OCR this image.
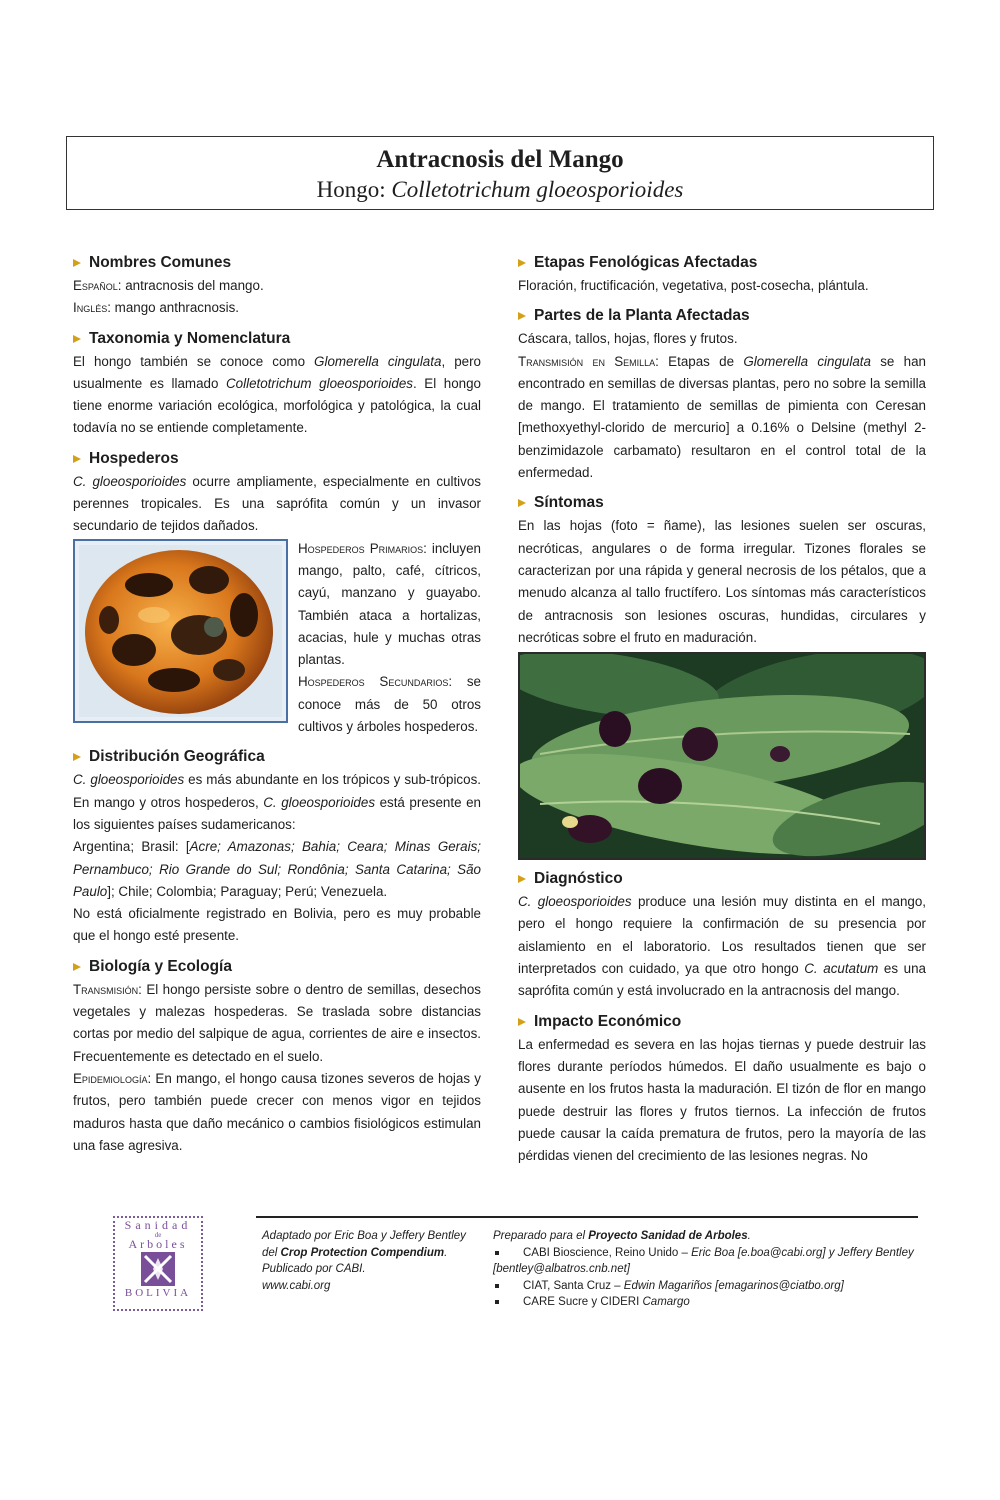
Antracnosis del Mango
Hongo: Colletotrichum gloeosporioides
Nombres Comunes

Español: antracnosis del mango.

Inglés: mango anthracnosis.

Taxonomia y Nomenclatura

El hongo también se conoce como Glomerella cingulata, pero usualmente es llamado Colletotrichum gloeosporioides. El hongo tiene enorme variación ecológica, morfológica y patológica, la cual todavía no se entiende completamente.

Hospederos

C. gloeosporioides ocurre ampliamente, especialmente en cultivos perennes tropicales. Es una saprófita común y un invasor secundario de tejidos dañados.

Hospederos Primarios: incluyen mango, palto, café, cítricos, cayú, manzano y guayabo. También ataca a hortalizas, acacias, hule y muchas otras plantas.

Hospederos Secundarios: se conoce más de 50 otros cultivos y árboles hospederos.

Distribución Geográfica

C. gloeosporioides es más abundante en los trópicos y sub-trópicos. En mango y otros hospederos, C. gloeosporioides está presente en los siguientes países sudamericanos:

Argentina; Brasil: [Acre; Amazonas; Bahia; Ceara; Minas Gerais; Pernambuco; Rio Grande do Sul; Rondônia; Santa Catarina; São Paulo]; Chile; Colombia; Paraguay; Perú; Venezuela.

No está oficialmente registrado en Bolivia, pero es muy probable que el hongo esté presente.

Biología y Ecología

Transmisión: El hongo persiste sobre o dentro de semillas, desechos vegetales y malezas hospederas. Se traslada sobre distancias cortas por medio del salpique de agua, corrientes de aire e insectos. Frecuentemente es detectado en el suelo.

Epidemiología: En mango, el hongo causa tizones severos de hojas y frutos, pero también puede crecer con menos vigor en tejidos maduros hasta que daño mecánico o cambios fisiológicos estimulan una fase agresiva.

Etapas Fenológicas Afectadas

Floración, fructificación, vegetativa, post-cosecha, plántula.

Partes de la Planta Afectadas

Cáscara, tallos, hojas, flores y frutos.

Transmisión en Semilla: Etapas de Glomerella cingulata se han encontrado en semillas de diversas plantas, pero no sobre la semilla de mango. El tratamiento de semillas de pimienta con Ceresan [methoxyethyl-clorido de mercurio] a 0.16% o Delsine (methyl 2-benzimidazole carbamato) resultaron en el control total de la enfermedad.

Síntomas

En las hojas (foto = ñame), las lesiones suelen ser oscuras, necróticas, angulares o de forma irregular. Tizones florales se caracterizan por una rápida y general necrosis de los pétalos, que a menudo alcanza al tallo fructífero. Los síntomas más característicos de antracnosis son lesiones oscuras, hundidas, circulares y necróticas sobre el fruto en maduración.

Diagnóstico

C. gloeosporioides produce una lesión muy distinta en el mango, pero el hongo requiere la confirmación de su presencia por aislamiento en el laboratorio. Los resultados tienen que ser interpretados con cuidado, ya que otro hongo C. acutatum es una saprófita común y está involucrado en la antracnosis del mango.

Impacto Económico

La enfermedad es severa en las hojas tiernas y puede destruir las flores durante períodos húmedos. El daño usualmente es bajo o ausente en los frutos hasta la maduración. El tizón de flor en mango puede destruir las flores y frutos tiernos. La infección de frutos puede causar la caída prematura de frutos, pero la mayoría de las pérdidas vienen del crecimiento de las lesiones negras. No

Sanidad
de
Arboles
BOLIVIA
Adaptado por Eric Boa y Jeffery Bentley del Crop Protection Compendium. Publicado por CABI.
www.cabi.org
Preparado para el Proyecto Sanidad de Arboles.
CABI Bioscience, Reino Unido – Eric Boa [e.boa@cabi.org] y Jeffery Bentley [bentley@albatros.cnb.net]
CIAT, Santa Cruz – Edwin Magariños [emagarinos@ciatbo.org]
CARE Sucre y CIDERI Camargo
